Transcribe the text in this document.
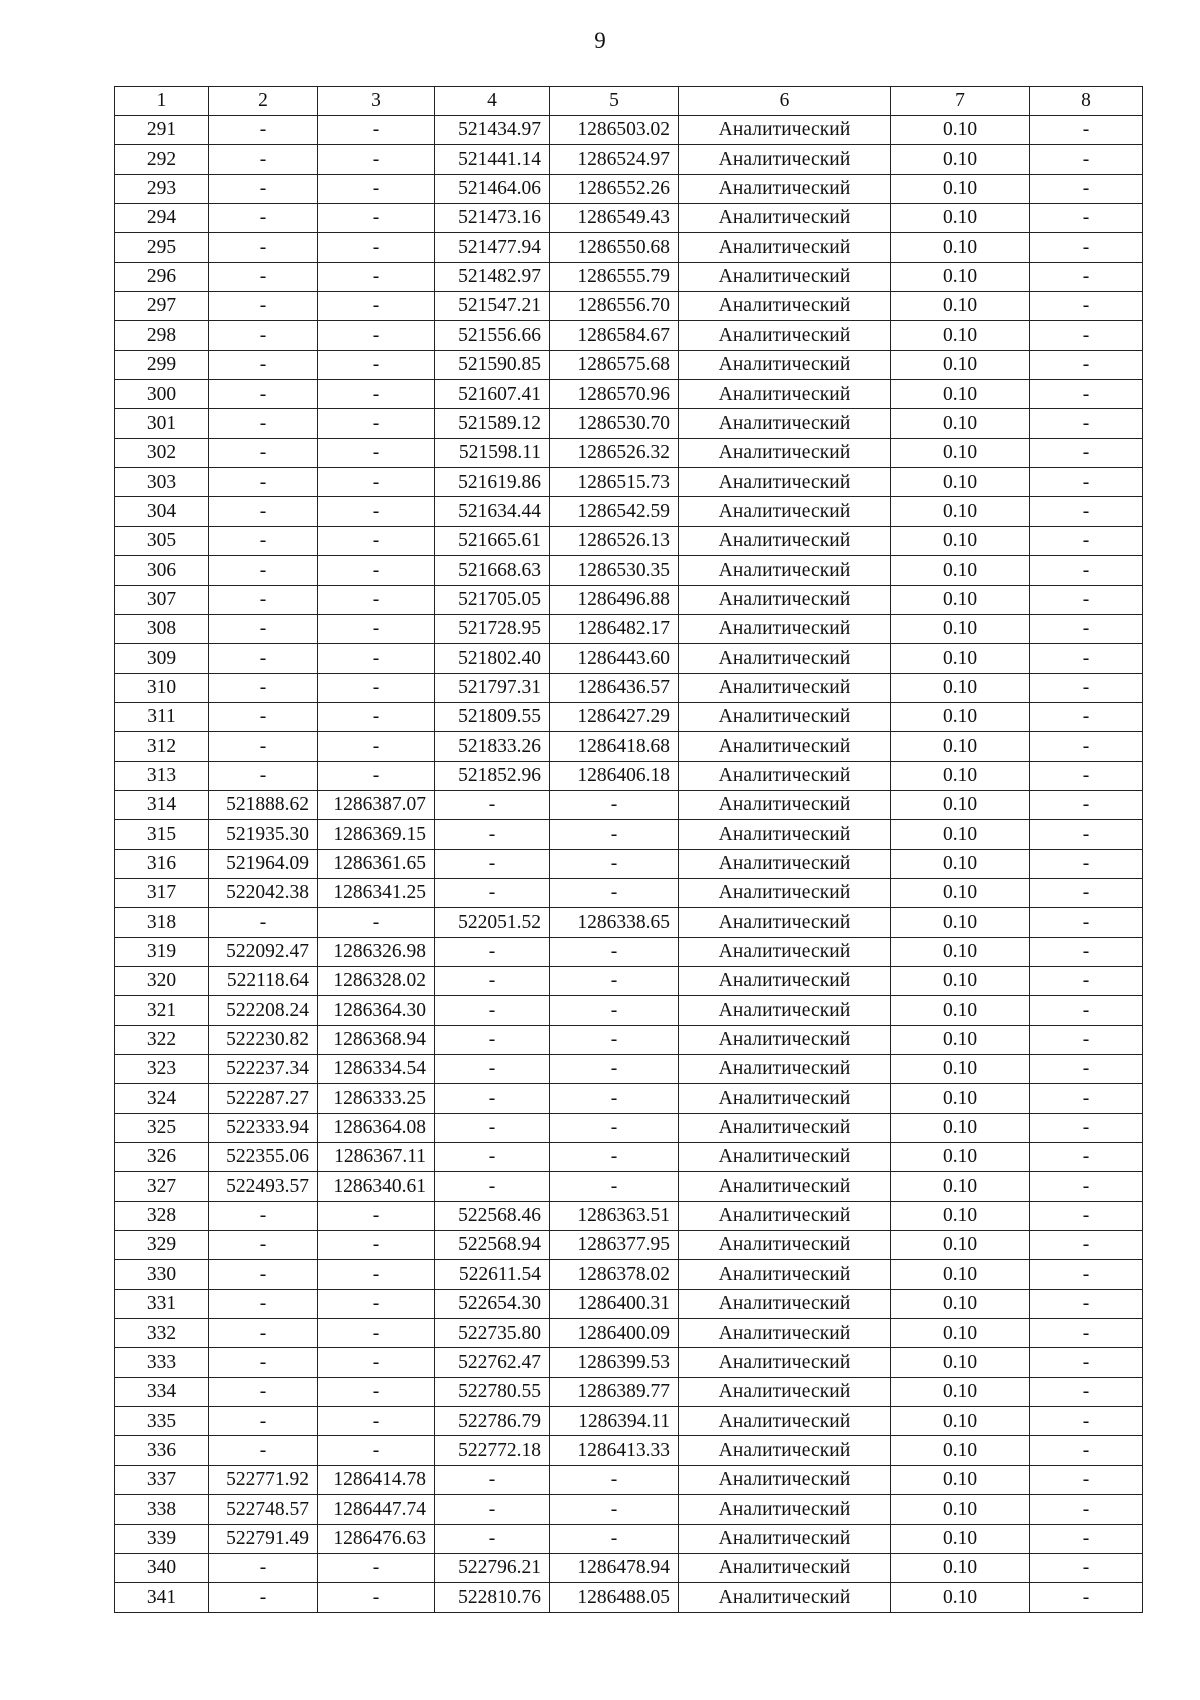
9
1	2	3	4	5	6	7	8
291	-	-	521434.97	1286503.02	Аналитический	0.10	-
292	-	-	521441.14	1286524.97	Аналитический	0.10	-
293	-	-	521464.06	1286552.26	Аналитический	0.10	-
294	-	-	521473.16	1286549.43	Аналитический	0.10	-
295	-	-	521477.94	1286550.68	Аналитический	0.10	-
296	-	-	521482.97	1286555.79	Аналитический	0.10	-
297	-	-	521547.21	1286556.70	Аналитический	0.10	-
298	-	-	521556.66	1286584.67	Аналитический	0.10	-
299	-	-	521590.85	1286575.68	Аналитический	0.10	-
300	-	-	521607.41	1286570.96	Аналитический	0.10	-
301	-	-	521589.12	1286530.70	Аналитический	0.10	-
302	-	-	521598.11	1286526.32	Аналитический	0.10	-
303	-	-	521619.86	1286515.73	Аналитический	0.10	-
304	-	-	521634.44	1286542.59	Аналитический	0.10	-
305	-	-	521665.61	1286526.13	Аналитический	0.10	-
306	-	-	521668.63	1286530.35	Аналитический	0.10	-
307	-	-	521705.05	1286496.88	Аналитический	0.10	-
308	-	-	521728.95	1286482.17	Аналитический	0.10	-
309	-	-	521802.40	1286443.60	Аналитический	0.10	-
310	-	-	521797.31	1286436.57	Аналитический	0.10	-
311	-	-	521809.55	1286427.29	Аналитический	0.10	-
312	-	-	521833.26	1286418.68	Аналитический	0.10	-
313	-	-	521852.96	1286406.18	Аналитический	0.10	-
314	521888.62	1286387.07	-	-	Аналитический	0.10	-
315	521935.30	1286369.15	-	-	Аналитический	0.10	-
316	521964.09	1286361.65	-	-	Аналитический	0.10	-
317	522042.38	1286341.25	-	-	Аналитический	0.10	-
318	-	-	522051.52	1286338.65	Аналитический	0.10	-
319	522092.47	1286326.98	-	-	Аналитический	0.10	-
320	522118.64	1286328.02	-	-	Аналитический	0.10	-
321	522208.24	1286364.30	-	-	Аналитический	0.10	-
322	522230.82	1286368.94	-	-	Аналитический	0.10	-
323	522237.34	1286334.54	-	-	Аналитический	0.10	-
324	522287.27	1286333.25	-	-	Аналитический	0.10	-
325	522333.94	1286364.08	-	-	Аналитический	0.10	-
326	522355.06	1286367.11	-	-	Аналитический	0.10	-
327	522493.57	1286340.61	-	-	Аналитический	0.10	-
328	-	-	522568.46	1286363.51	Аналитический	0.10	-
329	-	-	522568.94	1286377.95	Аналитический	0.10	-
330	-	-	522611.54	1286378.02	Аналитический	0.10	-
331	-	-	522654.30	1286400.31	Аналитический	0.10	-
332	-	-	522735.80	1286400.09	Аналитический	0.10	-
333	-	-	522762.47	1286399.53	Аналитический	0.10	-
334	-	-	522780.55	1286389.77	Аналитический	0.10	-
335	-	-	522786.79	1286394.11	Аналитический	0.10	-
336	-	-	522772.18	1286413.33	Аналитический	0.10	-
337	522771.92	1286414.78	-	-	Аналитический	0.10	-
338	522748.57	1286447.74	-	-	Аналитический	0.10	-
339	522791.49	1286476.63	-	-	Аналитический	0.10	-
340	-	-	522796.21	1286478.94	Аналитический	0.10	-
341	-	-	522810.76	1286488.05	Аналитический	0.10	-
